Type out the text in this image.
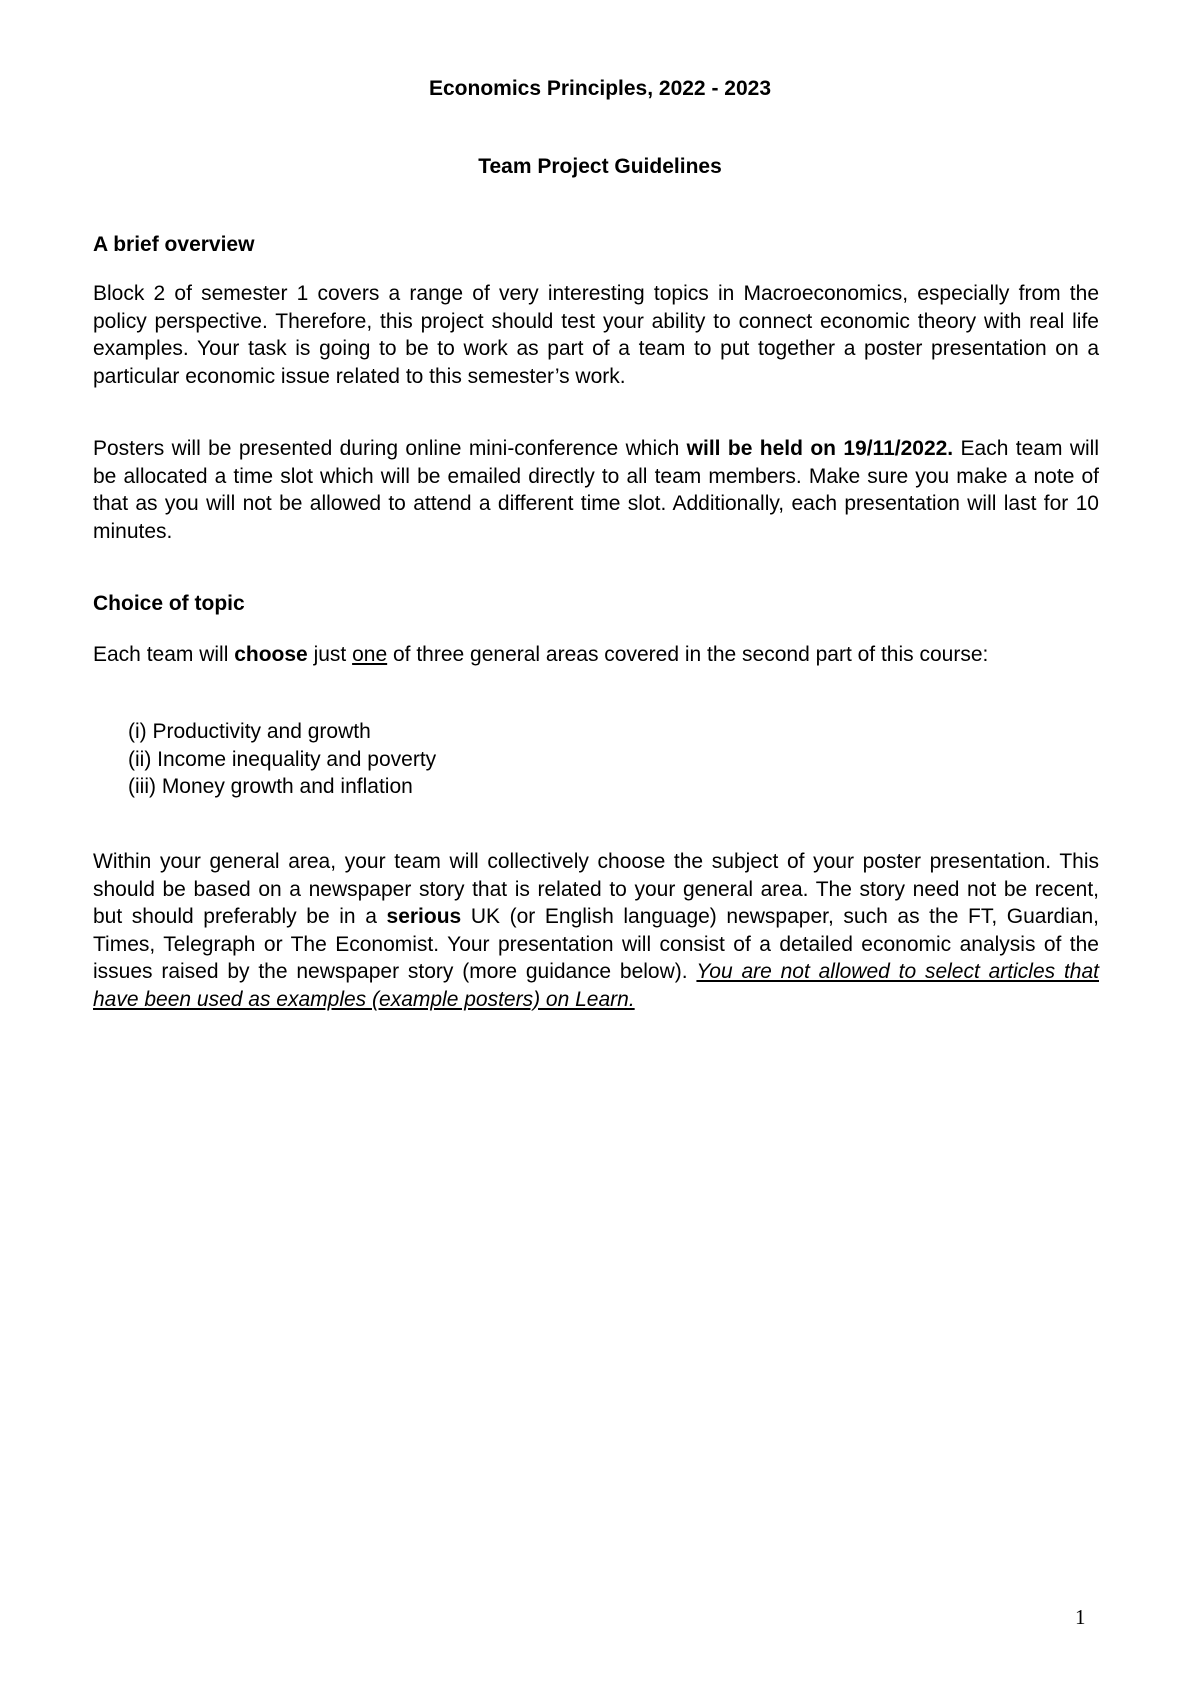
Economics Principles, 2022 - 2023
Team Project Guidelines
A brief overview
Block 2 of semester 1 covers a range of very interesting topics in Macroeconomics, especially from the policy perspective. Therefore, this project should test your ability to connect economic theory with real life examples. Your task is going to be to work as part of a team to put together a poster presentation on a particular economic issue related to this semester’s work.
Posters will be presented during online mini-conference which will be held on 19/11/2022. Each team will be allocated a time slot which will be emailed directly to all team members. Make sure you make a note of that as you will not be allowed to attend a different time slot. Additionally, each presentation will last for 10 minutes.
Choice of topic
Each team will choose just one of three general areas covered in the second part of this course:
(i) Productivity and growth
(ii) Income inequality and poverty
(iii) Money growth and inflation
Within your general area, your team will collectively choose the subject of your poster presentation. This should be based on a newspaper story that is related to your general area. The story need not be recent, but should preferably be in a serious UK (or English language) newspaper, such as the FT, Guardian, Times, Telegraph or The Economist. Your presentation will consist of a detailed economic analysis of the issues raised by the newspaper story (more guidance below). You are not allowed to select articles that have been used as examples (example posters) on Learn.
1
